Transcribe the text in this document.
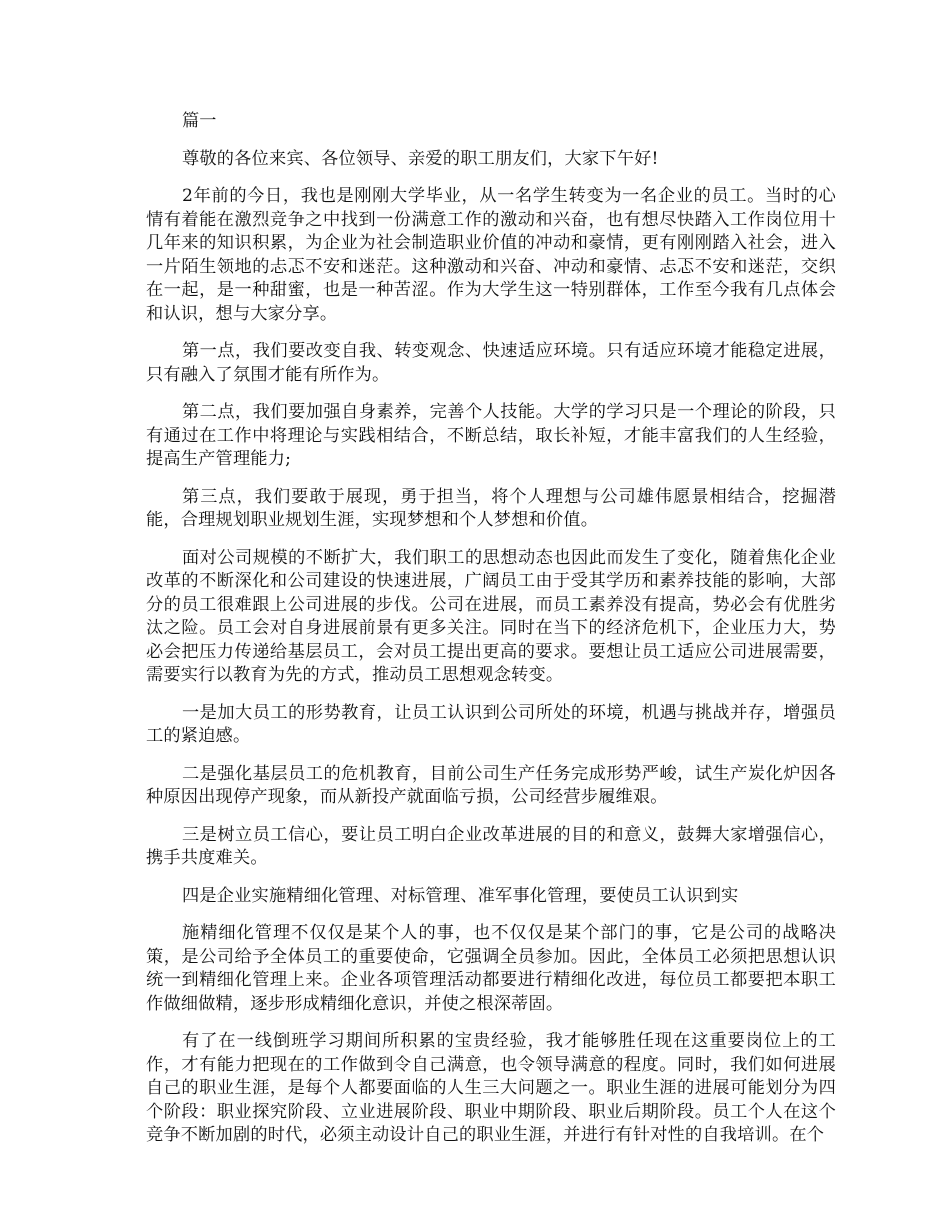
篇一

尊敬的各位来宾、各位领导、亲爱的职工朋友们，大家下午好!

2年前的今日，我也是刚刚大学毕业，从一名学生转变为一名企业的员工。当时的心情有着能在激烈竞争之中找到一份满意工作的激动和兴奋，也有想尽快踏入工作岗位用十几年来的知识积累，为企业为社会制造职业价值的冲动和豪情，更有刚刚踏入社会，进入一片陌生领地的忐忑不安和迷茫。这种激动和兴奋、冲动和豪情、忐忑不安和迷茫，交织在一起，是一种甜蜜，也是一种苦涩。作为大学生这一特别群体，工作至今我有几点体会和认识，想与大家分享。

第一点，我们要改变自我、转变观念、快速适应环境。只有适应环境才能稳定进展，只有融入了氛围才能有所作为。

第二点，我们要加强自身素养，完善个人技能。大学的学习只是一个理论的阶段，只有通过在工作中将理论与实践相结合，不断总结，取长补短，才能丰富我们的人生经验，提高生产管理能力;

第三点，我们要敢于展现，勇于担当，将个人理想与公司雄伟愿景相结合，挖掘潜能，合理规划职业规划生涯，实现梦想和个人梦想和价值。

面对公司规模的不断扩大，我们职工的思想动态也因此而发生了变化，随着焦化企业改革的不断深化和公司建设的快速进展，广阔员工由于受其学历和素养技能的影响，大部分的员工很难跟上公司进展的步伐。公司在进展，而员工素养没有提高，势必会有优胜劣汰之险。员工会对自身进展前景有更多关注。同时在当下的经济危机下，企业压力大，势必会把压力传递给基层员工，会对员工提出更高的要求。要想让员工适应公司进展需要，需要实行以教育为先的方式，推动员工思想观念转变。

一是加大员工的形势教育，让员工认识到公司所处的环境，机遇与挑战并存，增强员工的紧迫感。

二是强化基层员工的危机教育，目前公司生产任务完成形势严峻，试生产炭化炉因各种原因出现停产现象，而从新投产就面临亏损，公司经营步履维艰。

三是树立员工信心，要让员工明白企业改革进展的目的和意义，鼓舞大家增强信心，携手共度难关。

四是企业实施精细化管理、对标管理、准军事化管理，要使员工认识到实

施精细化管理不仅仅是某个人的事，也不仅仅是某个部门的事，它是公司的战略决策，是公司给予全体员工的重要使命，它强调全员参加。因此，全体员工必须把思想认识统一到精细化管理上来。企业各项管理活动都要进行精细化改进，每位员工都要把本职工作做细做精，逐步形成精细化意识，并使之根深蒂固。

有了在一线倒班学习期间所积累的宝贵经验，我才能够胜任现在这重要岗位上的工作，才有能力把现在的工作做到令自己满意，也令领导满意的程度。同时，我们如何进展自己的职业生涯，是每个人都要面临的人生三大问题之一。职业生涯的进展可能划分为四个阶段：职业探究阶段、立业进展阶段、职业中期阶段、职业后期阶段。员工个人在这个竞争不断加剧的时代，必须主动设计自己的职业生涯，并进行有针对性的自我培训。在个
